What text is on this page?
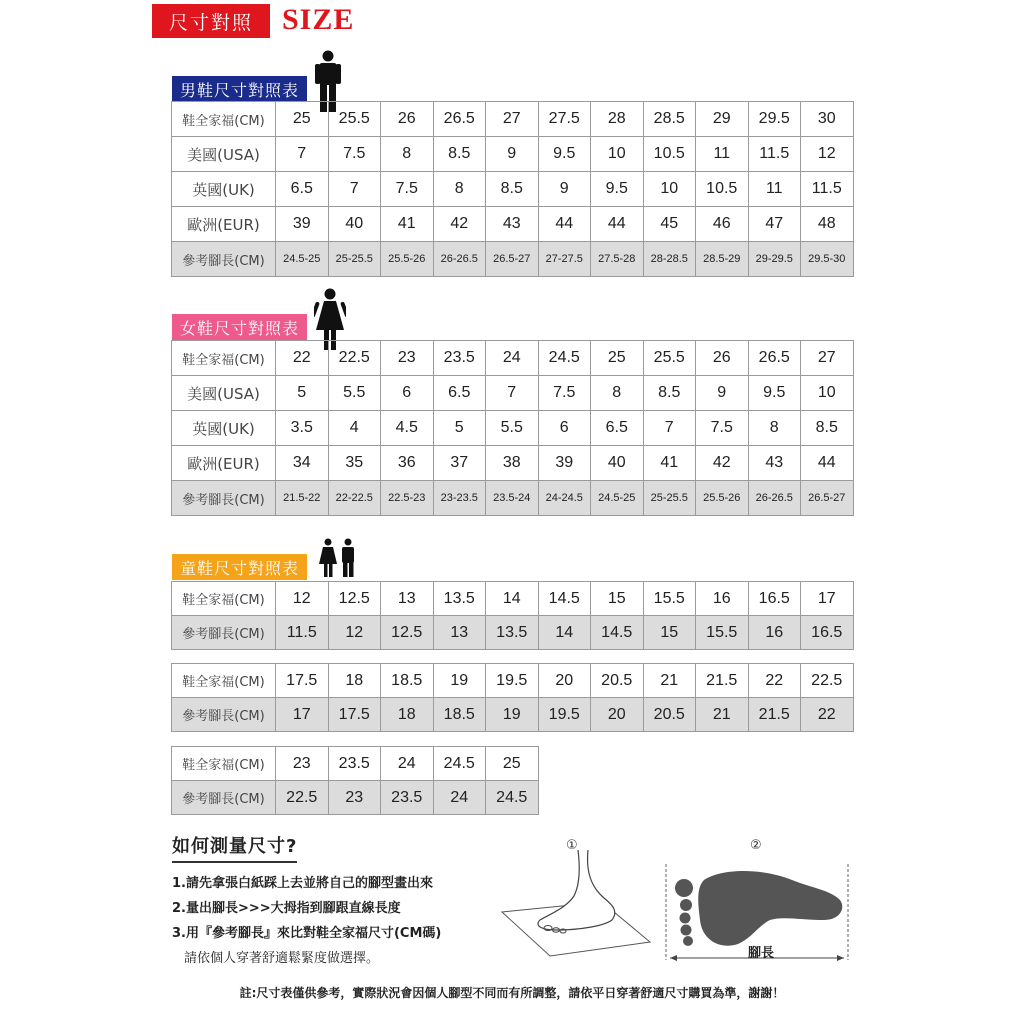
尺寸對照 SIZE
男鞋尺寸對照表
鞋全家福(CM)	25	25.5	26	26.5	27	27.5	28	28.5	29	29.5	30
美國(USA)	7	7.5	8	8.5	9	9.5	10	10.5	11	11.5	12
英國(UK)	6.5	7	7.5	8	8.5	9	9.5	10	10.5	11	11.5
歐洲(EUR)	39	40	41	42	43	44	44	45	46	47	48
參考腳長(CM)	24.5-25	25-25.5	25.5-26	26-26.5	26.5-27	27-27.5	27.5-28	28-28.5	28.5-29	29-29.5	29.5-30
女鞋尺寸對照表
鞋全家福(CM)	22	22.5	23	23.5	24	24.5	25	25.5	26	26.5	27
美國(USA)	5	5.5	6	6.5	7	7.5	8	8.5	9	9.5	10
英國(UK)	3.5	4	4.5	5	5.5	6	6.5	7	7.5	8	8.5
歐洲(EUR)	34	35	36	37	38	39	40	41	42	43	44
參考腳長(CM)	21.5-22	22-22.5	22.5-23	23-23.5	23.5-24	24-24.5	24.5-25	25-25.5	25.5-26	26-26.5	26.5-27
童鞋尺寸對照表
鞋全家福(CM)	12	12.5	13	13.5	14	14.5	15	15.5	16	16.5	17
參考腳長(CM)	11.5	12	12.5	13	13.5	14	14.5	15	15.5	16	16.5
鞋全家福(CM)	17.5	18	18.5	19	19.5	20	20.5	21	21.5	22	22.5
參考腳長(CM)	17	17.5	18	18.5	19	19.5	20	20.5	21	21.5	22
鞋全家福(CM)	23	23.5	24	24.5	25
參考腳長(CM)	22.5	23	23.5	24	24.5
如何測量尺寸?
1.請先拿張白紙踩上去並將自己的腳型畫出來
2.量出腳長>>>大拇指到腳跟直線長度
3.用『參考腳長』來比對鞋全家福尺寸(CM碼)
請依個人穿著舒適鬆緊度做選擇。
①	②
腳長
註:尺寸表僅供參考，實際狀況會因個人腳型不同而有所調整，請依平日穿著舒適尺寸購買為準，謝謝！
